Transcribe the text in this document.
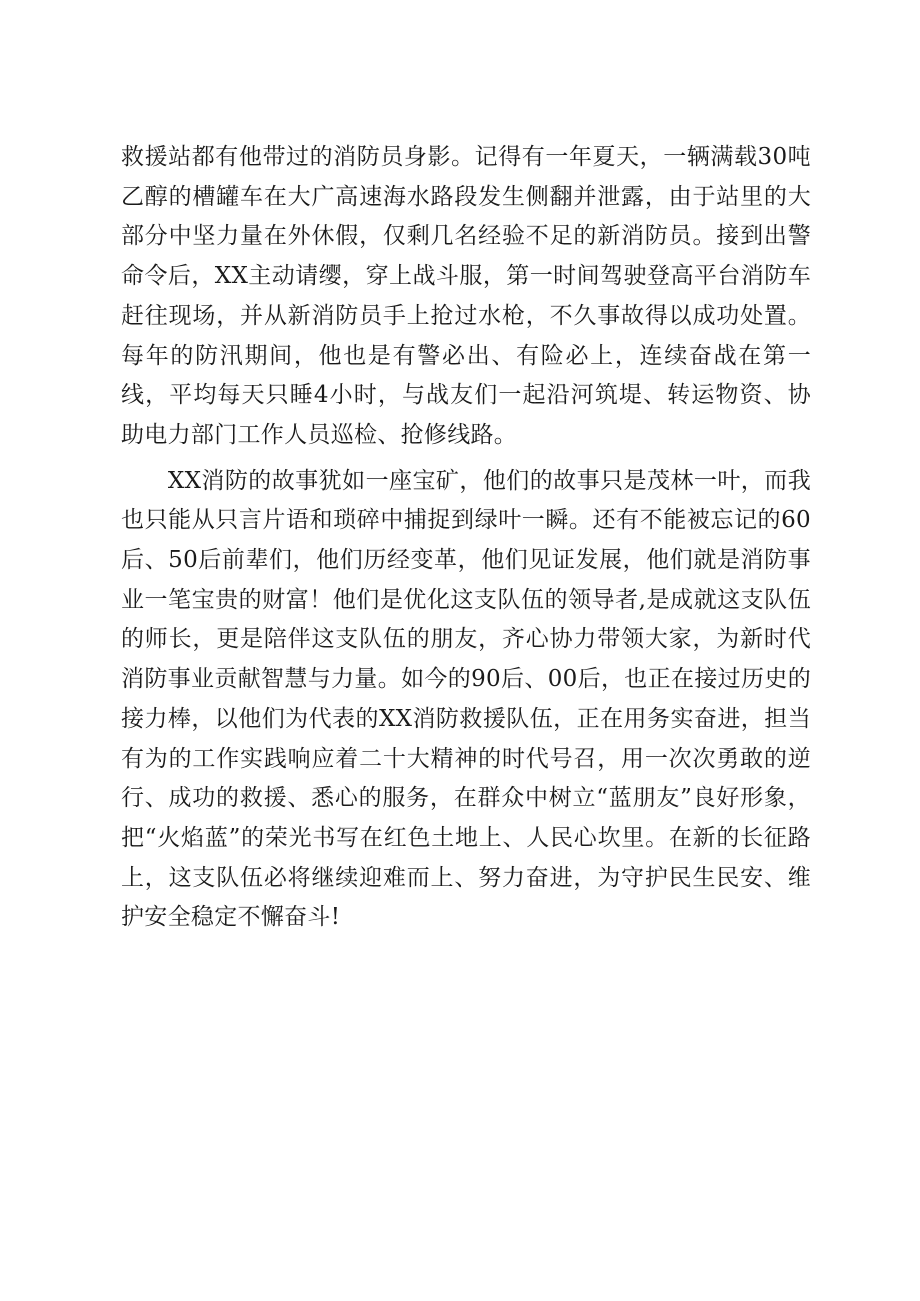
救援站都有他带过的消防员身影。记得有一年夏天，一辆满载30吨乙醇的槽罐车在大广高速海水路段发生侧翻并泄露，由于站里的大部分中坚力量在外休假，仅剩几名经验不足的新消防员。接到出警命令后，XX主动请缨，穿上战斗服，第一时间驾驶登高平台消防车赶往现场，并从新消防员手上抢过水枪，不久事故得以成功处置。每年的防汛期间，他也是有警必出、有险必上，连续奋战在第一线，平均每天只睡4小时，与战友们一起沿河筑堤、转运物资、协助电力部门工作人员巡检、抢修线路。

　　XX消防的故事犹如一座宝矿，他们的故事只是茂林一叶，而我也只能从只言片语和琐碎中捕捉到绿叶一瞬。还有不能被忘记的60后、50后前辈们，他们历经变革，他们见证发展，他们就是消防事业一笔宝贵的财富！他们是优化这支队伍的领导者,是成就这支队伍的师长，更是陪伴这支队伍的朋友，齐心协力带领大家，为新时代消防事业贡献智慧与力量。如今的90后、00后，也正在接过历史的接力棒，以他们为代表的XX消防救援队伍，正在用务实奋进，担当有为的工作实践响应着二十大精神的时代号召，用一次次勇敢的逆行、成功的救援、悉心的服务，在群众中树立“蓝朋友”良好形象，把“火焰蓝”的荣光书写在红色土地上、人民心坎里。在新的长征路上，这支队伍必将继续迎难而上、努力奋进，为守护民生民安、维护安全稳定不懈奋斗!
